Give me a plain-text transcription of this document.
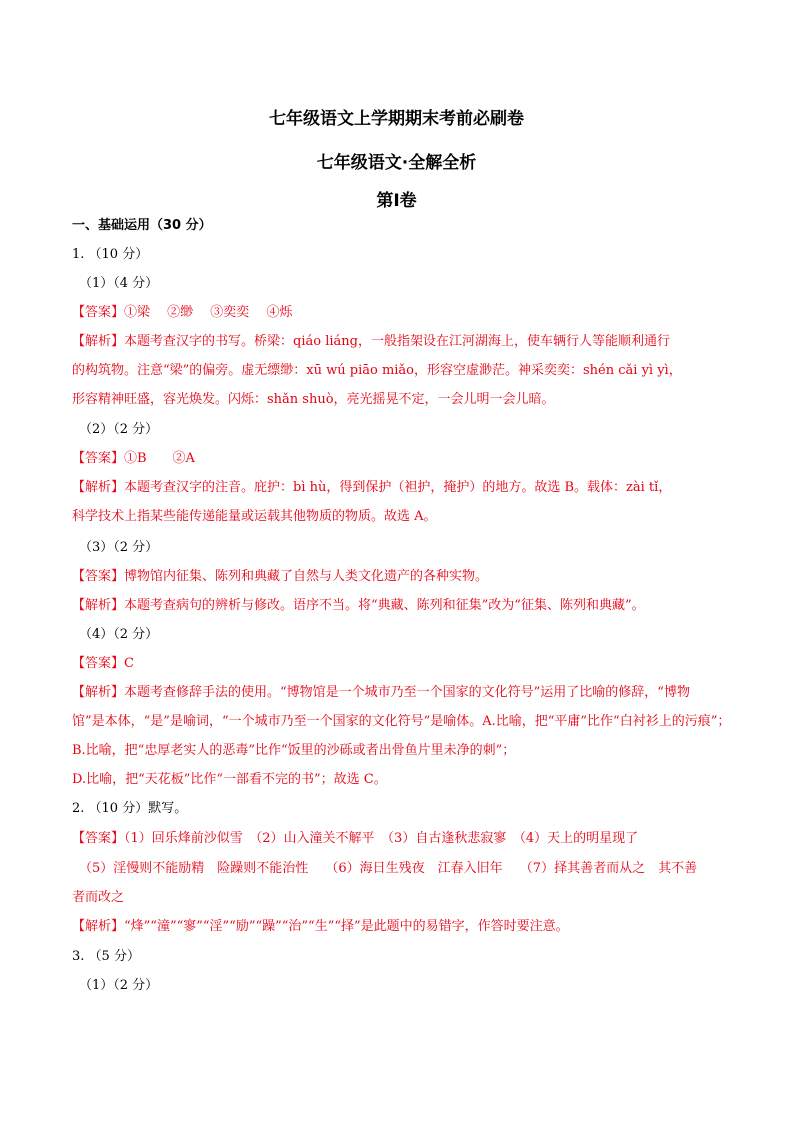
七年级语文上学期期末考前必刷卷
七年级语文·全解全析
第Ⅰ卷
一、基础运用（30 分）
1. （10 分）
（1）（4 分）
【答案】①梁　 ②缈　 ③奕奕　 ④烁
【解析】本题考查汉字的书写。桥梁：qiáo liáng，一般指架设在江河湖海上，使车辆行人等能顺利通行
的构筑物。注意“梁”的偏旁。虚无缥缈：xū wú piāo miǎo，形容空虚渺茫。神采奕奕：shén cǎi yì yì，
形容精神旺盛，容光焕发。闪烁：shǎn shuò，亮光摇晃不定，一会儿明一会儿暗。
（2）（2 分）
【答案】①B　　②A
【解析】本题考查汉字的注音。庇护：bì hù，得到保护（袒护，掩护）的地方。故选 B。载体：zài tǐ，
科学技术上指某些能传递能量或运载其他物质的物质。故选 A。
（3）（2 分）
【答案】博物馆内征集、陈列和典藏了自然与人类文化遗产的各种实物。
【解析】本题考查病句的辨析与修改。语序不当。将“典藏、陈列和征集”改为“征集、陈列和典藏”。
（4）（2 分）
【答案】C
【解析】本题考查修辞手法的使用。“博物馆是一个城市乃至一个国家的文化符号”运用了比喻的修辞，“博物
馆”是本体，“是”是喻词，“一个城市乃至一个国家的文化符号”是喻体。A.比喻，把“平庸”比作“白衬衫上的污痕”；
B.比喻，把“忠厚老实人的恶毒”比作“饭里的沙砾或者出骨鱼片里未净的刺”；
D.比喻，把“天花板”比作“一部看不完的书”；故选 C。
2. （10 分）默写。
【答案】（1）回乐烽前沙似雪　（2）山入潼关不解平　（3）自古逢秋悲寂寥　（4）天上的明星现了
（5）淫慢则不能励精　险躁则不能治性　 （6）海日生残夜　江春入旧年　 （7）择其善者而从之　其不善
者而改之
【解析】“烽”“潼”“寥”“淫”“励”“躁”“治”“生”“择”是此题中的易错字，作答时要注意。
3. （5 分）
（1）（2 分）
